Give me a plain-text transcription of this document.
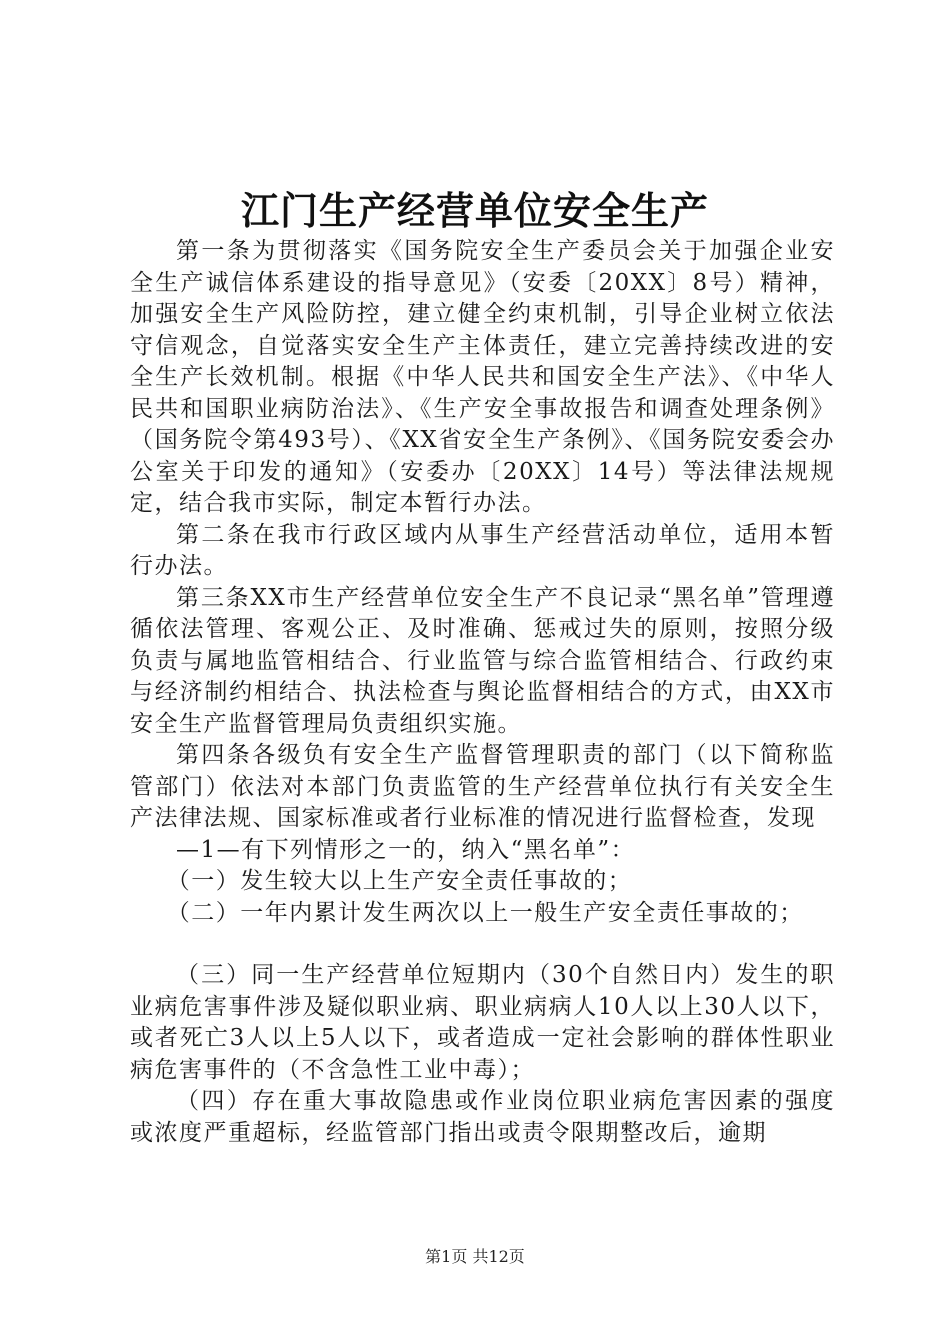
江门生产经营单位安全生产

第一条为贯彻落实《国务院安全生产委员会关于加强企业安全生产诚信体系建设的指导意见》（安委〔20XX〕8号）精神，加强安全生产风险防控，建立健全约束机制，引导企业树立依法守信观念，自觉落实安全生产主体责任，建立完善持续改进的安全生产长效机制。根据《中华人民共和国安全生产法》、《中华人民共和国职业病防治法》、《生产安全事故报告和调查处理条例》（国务院令第493号）、《XX省安全生产条例》、《国务院安委会办公室关于印发的通知》（安委办〔20XX〕14号）等法律法规规定，结合我市实际，制定本暂行办法。

第二条在我市行政区域内从事生产经营活动单位，适用本暂行办法。

第三条XX市生产经营单位安全生产不良记录“黑名单”管理遵循依法管理、客观公正、及时准确、惩戒过失的原则，按照分级负责与属地监管相结合、行业监管与综合监管相结合、行政约束与经济制约相结合、执法检查与舆论监督相结合的方式，由XX市安全生产监督管理局负责组织实施。

第四条各级负有安全生产监督管理职责的部门（以下简称监管部门）依法对本部门负责监管的生产经营单位执行有关安全生产法律法规、国家标准或者行业标准的情况进行监督检查，发现

—1—有下列情形之一的，纳入“黑名单”：

（一）发生较大以上生产安全责任事故的；

（二）一年内累计发生两次以上一般生产安全责任事故的；

（三）同一生产经营单位短期内（30个自然日内）发生的职业病危害事件涉及疑似职业病、职业病病人10人以上30人以下，或者死亡3人以上5人以下，或者造成一定社会影响的群体性职业病危害事件的（不含急性工业中毒）；

（四）存在重大事故隐患或作业岗位职业病危害因素的强度或浓度严重超标，经监管部门指出或责令限期整改后，逾期

第1页 共12页
